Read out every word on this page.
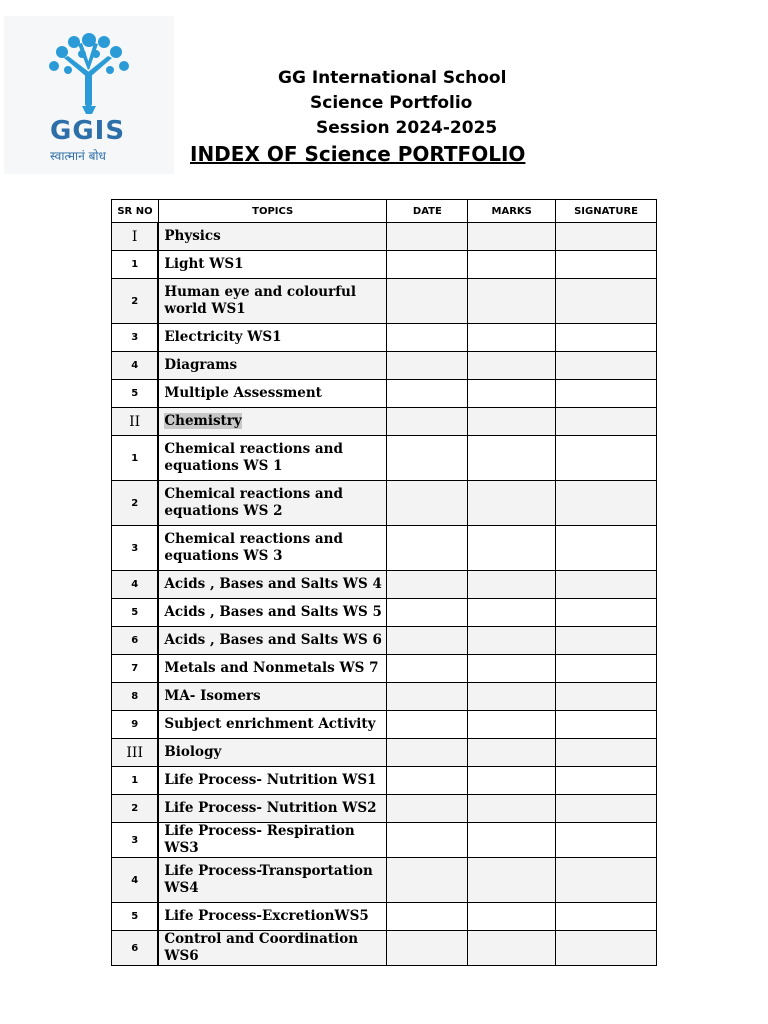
GGIS
स्वात्मानं बोध
GG International School
Science Portfolio
Session 2024-2025
INDEX OF Science PORTFOLIO
SR NO	TOPICS	DATE	MARKS	SIGNATURE
I	Physics			
1	Light WS1			
2	Human eye and colourful world WS1			
3	Electricity WS1			
4	Diagrams			
5	Multiple Assessment			
II	Chemistry			
1	Chemical reactions and equations WS 1			
2	Chemical reactions and equations WS 2			
3	Chemical reactions and equations WS 3			
4	Acids , Bases and Salts WS 4			
5	Acids , Bases and Salts WS 5			
6	Acids , Bases and Salts WS 6			
7	Metals and Nonmetals WS 7			
8	MA- Isomers			
9	Subject enrichment Activity			
III	Biology			
1	Life Process- Nutrition WS1			
2	Life Process- Nutrition WS2			
3	Life Process- Respiration WS3			
4	Life Process-Transportation WS4			
5	Life Process-ExcretionWS5			
6	Control and Coordination WS6			
